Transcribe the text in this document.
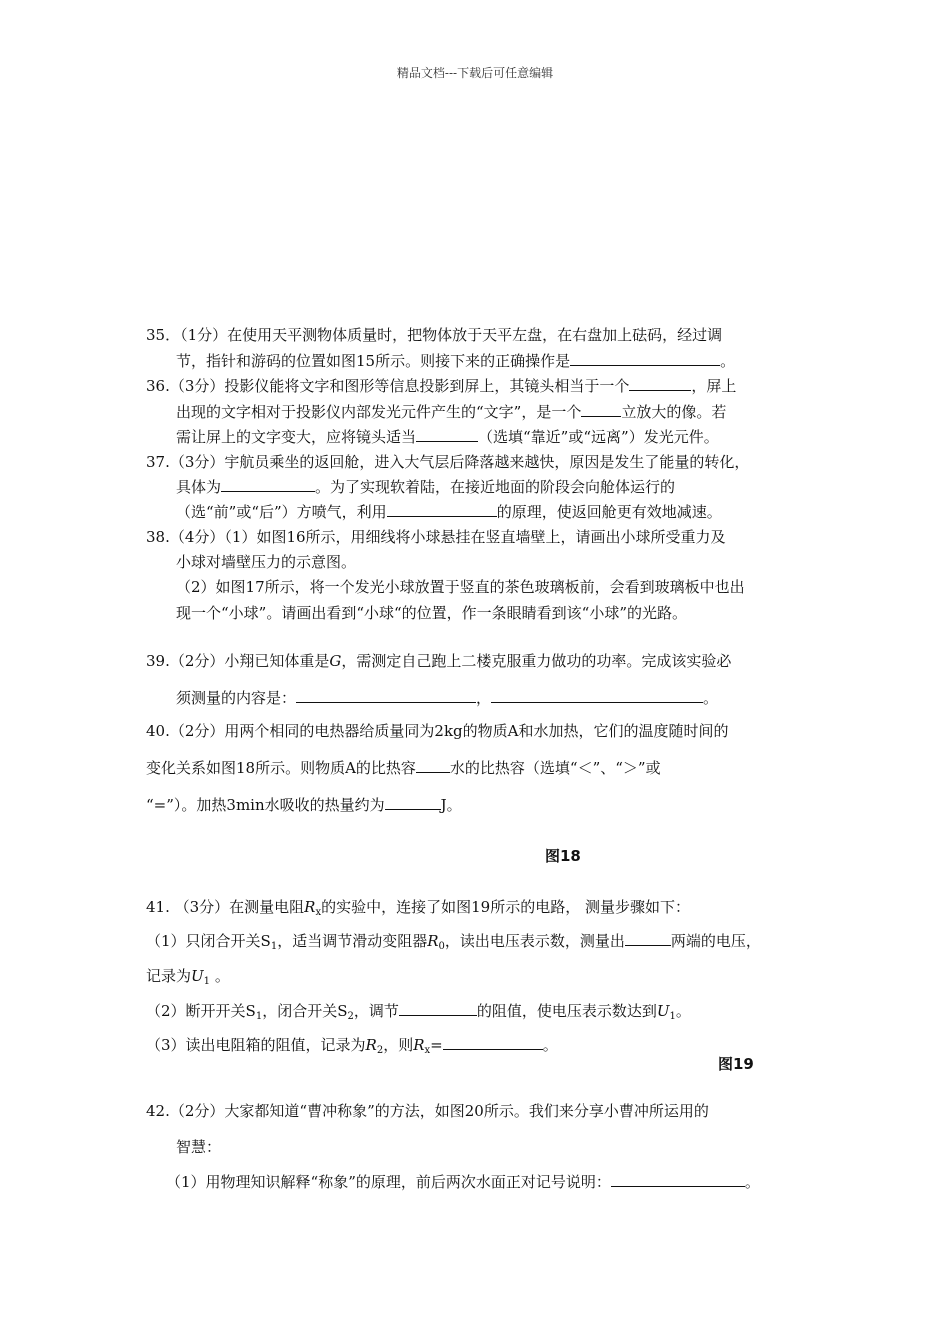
精品文档---下载后可任意编辑
35．（1分）在使用天平测物体质量时，把物体放于天平左盘，在右盘加上砝码，经过调
节，指针和游码的位置如图15所示。则接下来的正确操作是	。
36.（3分）投影仪能将文字和图形等信息投影到屏上，其镜头相当于一个	，屏上
出现的文字相对于投影仪内部发光元件产生的“文字”，是一个	立放大的像。若
需让屏上的文字变大，应将镜头适当	（选填“靠近”或“远离”）发光元件。
37.（3分）宇航员乘坐的返回舱，进入大气层后降落越来越快，原因是发生了能量的转化，
具体为	。为了实现软着陆，在接近地面的阶段会向舱体运行的
（选“前”或“后”）方喷气，利用	的原理，使返回舱更有效地减速。
38.（4分）（1）如图16所示，用细线将小球悬挂在竖直墙壁上，请画出小球所受重力及
小球对墙壁压力的示意图。
（2）如图17所示，将一个发光小球放置于竖直的茶色玻璃板前，会看到玻璃板中也出
现一个“小球”。请画出看到“小球“的位置，作一条眼睛看到该“小球”的光路。
39.（2分）小翔已知体重是G，需测定自己跑上二楼克服重力做功的功率。完成该实验必
须测量的内容是：	，	。
40.（2分）用两个相同的电热器给质量同为2kg的物质A和水加热，它们的温度随时间的
变化关系如图18所示。则物质A的比热容 水的比热容（选填“＜”、“＞”或
“=”）。加热3min水吸收的热量约为	J。
图18
41. （3分）在测量电阻$R_x$的实验中，连接了如图19所示的电路， 测量步骤如下：
（1）只闭合开关$S_1$，适当调节滑动变阻器$R_0$，读出电压表示数，测量出	两端的电压，
记录为$U_1$ 。
（2）断开开关$S_1$，闭合开关$S_2$，调节	的阻值，使电压表示数达到$U_1$。
（3）读出电阻箱的阻值，记录为$R_2$，则$R_x=$	。
图19
42.（2分）大家都知道“曹冲称象”的方法，如图20所示。我们来分享小曹冲所运用的
智慧：
（1）用物理知识解释“称象”的原理，前后两次水面正对记号说明：	。
